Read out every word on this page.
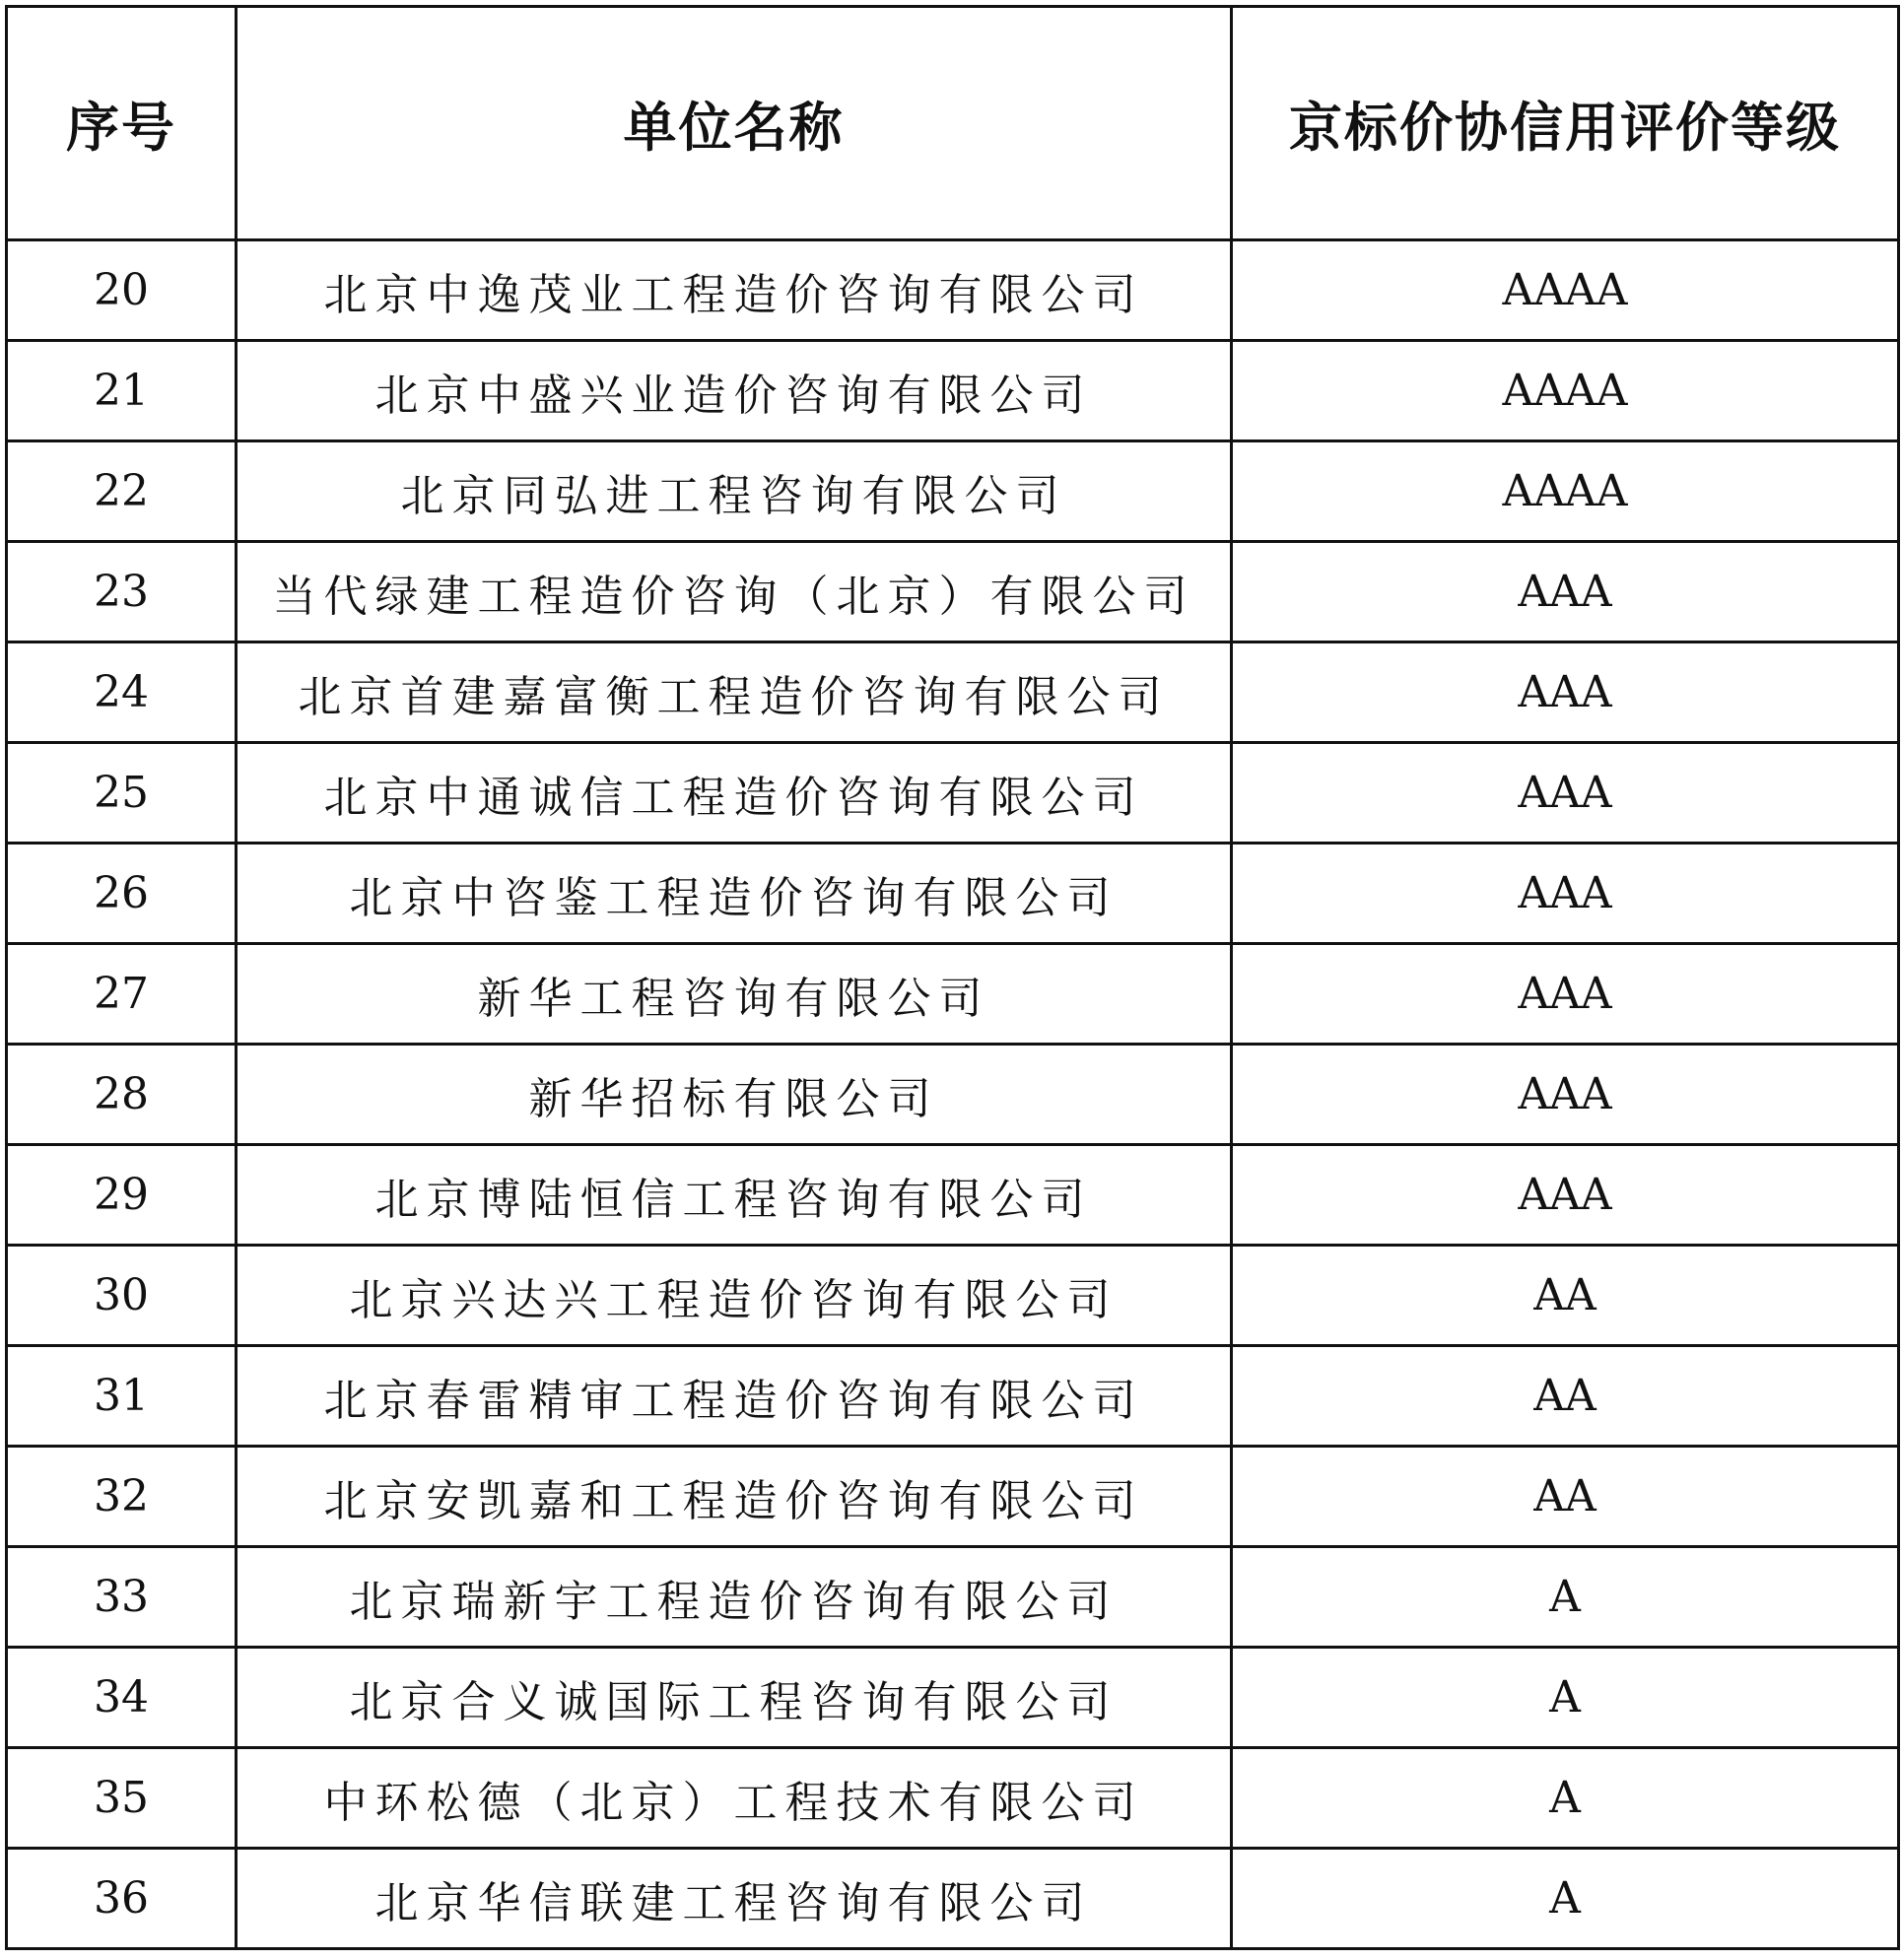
序号	单位名称	京标价协信用评价等级
20	北京中逸茂业工程造价咨询有限公司	AAAA
21	北京中盛兴业造价咨询有限公司	AAAA
22	北京同弘进工程咨询有限公司	AAAA
23	当代绿建工程造价咨询（北京）有限公司	AAA
24	北京首建嘉富衡工程造价咨询有限公司	AAA
25	北京中通诚信工程造价咨询有限公司	AAA
26	北京中咨鉴工程造价咨询有限公司	AAA
27	新华工程咨询有限公司	AAA
28	新华招标有限公司	AAA
29	北京博陆恒信工程咨询有限公司	AAA
30	北京兴达兴工程造价咨询有限公司	AA
31	北京春雷精审工程造价咨询有限公司	AA
32	北京安凯嘉和工程造价咨询有限公司	AA
33	北京瑞新宇工程造价咨询有限公司	A
34	北京合义诚国际工程咨询有限公司	A
35	中环松德（北京）工程技术有限公司	A
36	北京华信联建工程咨询有限公司	A
